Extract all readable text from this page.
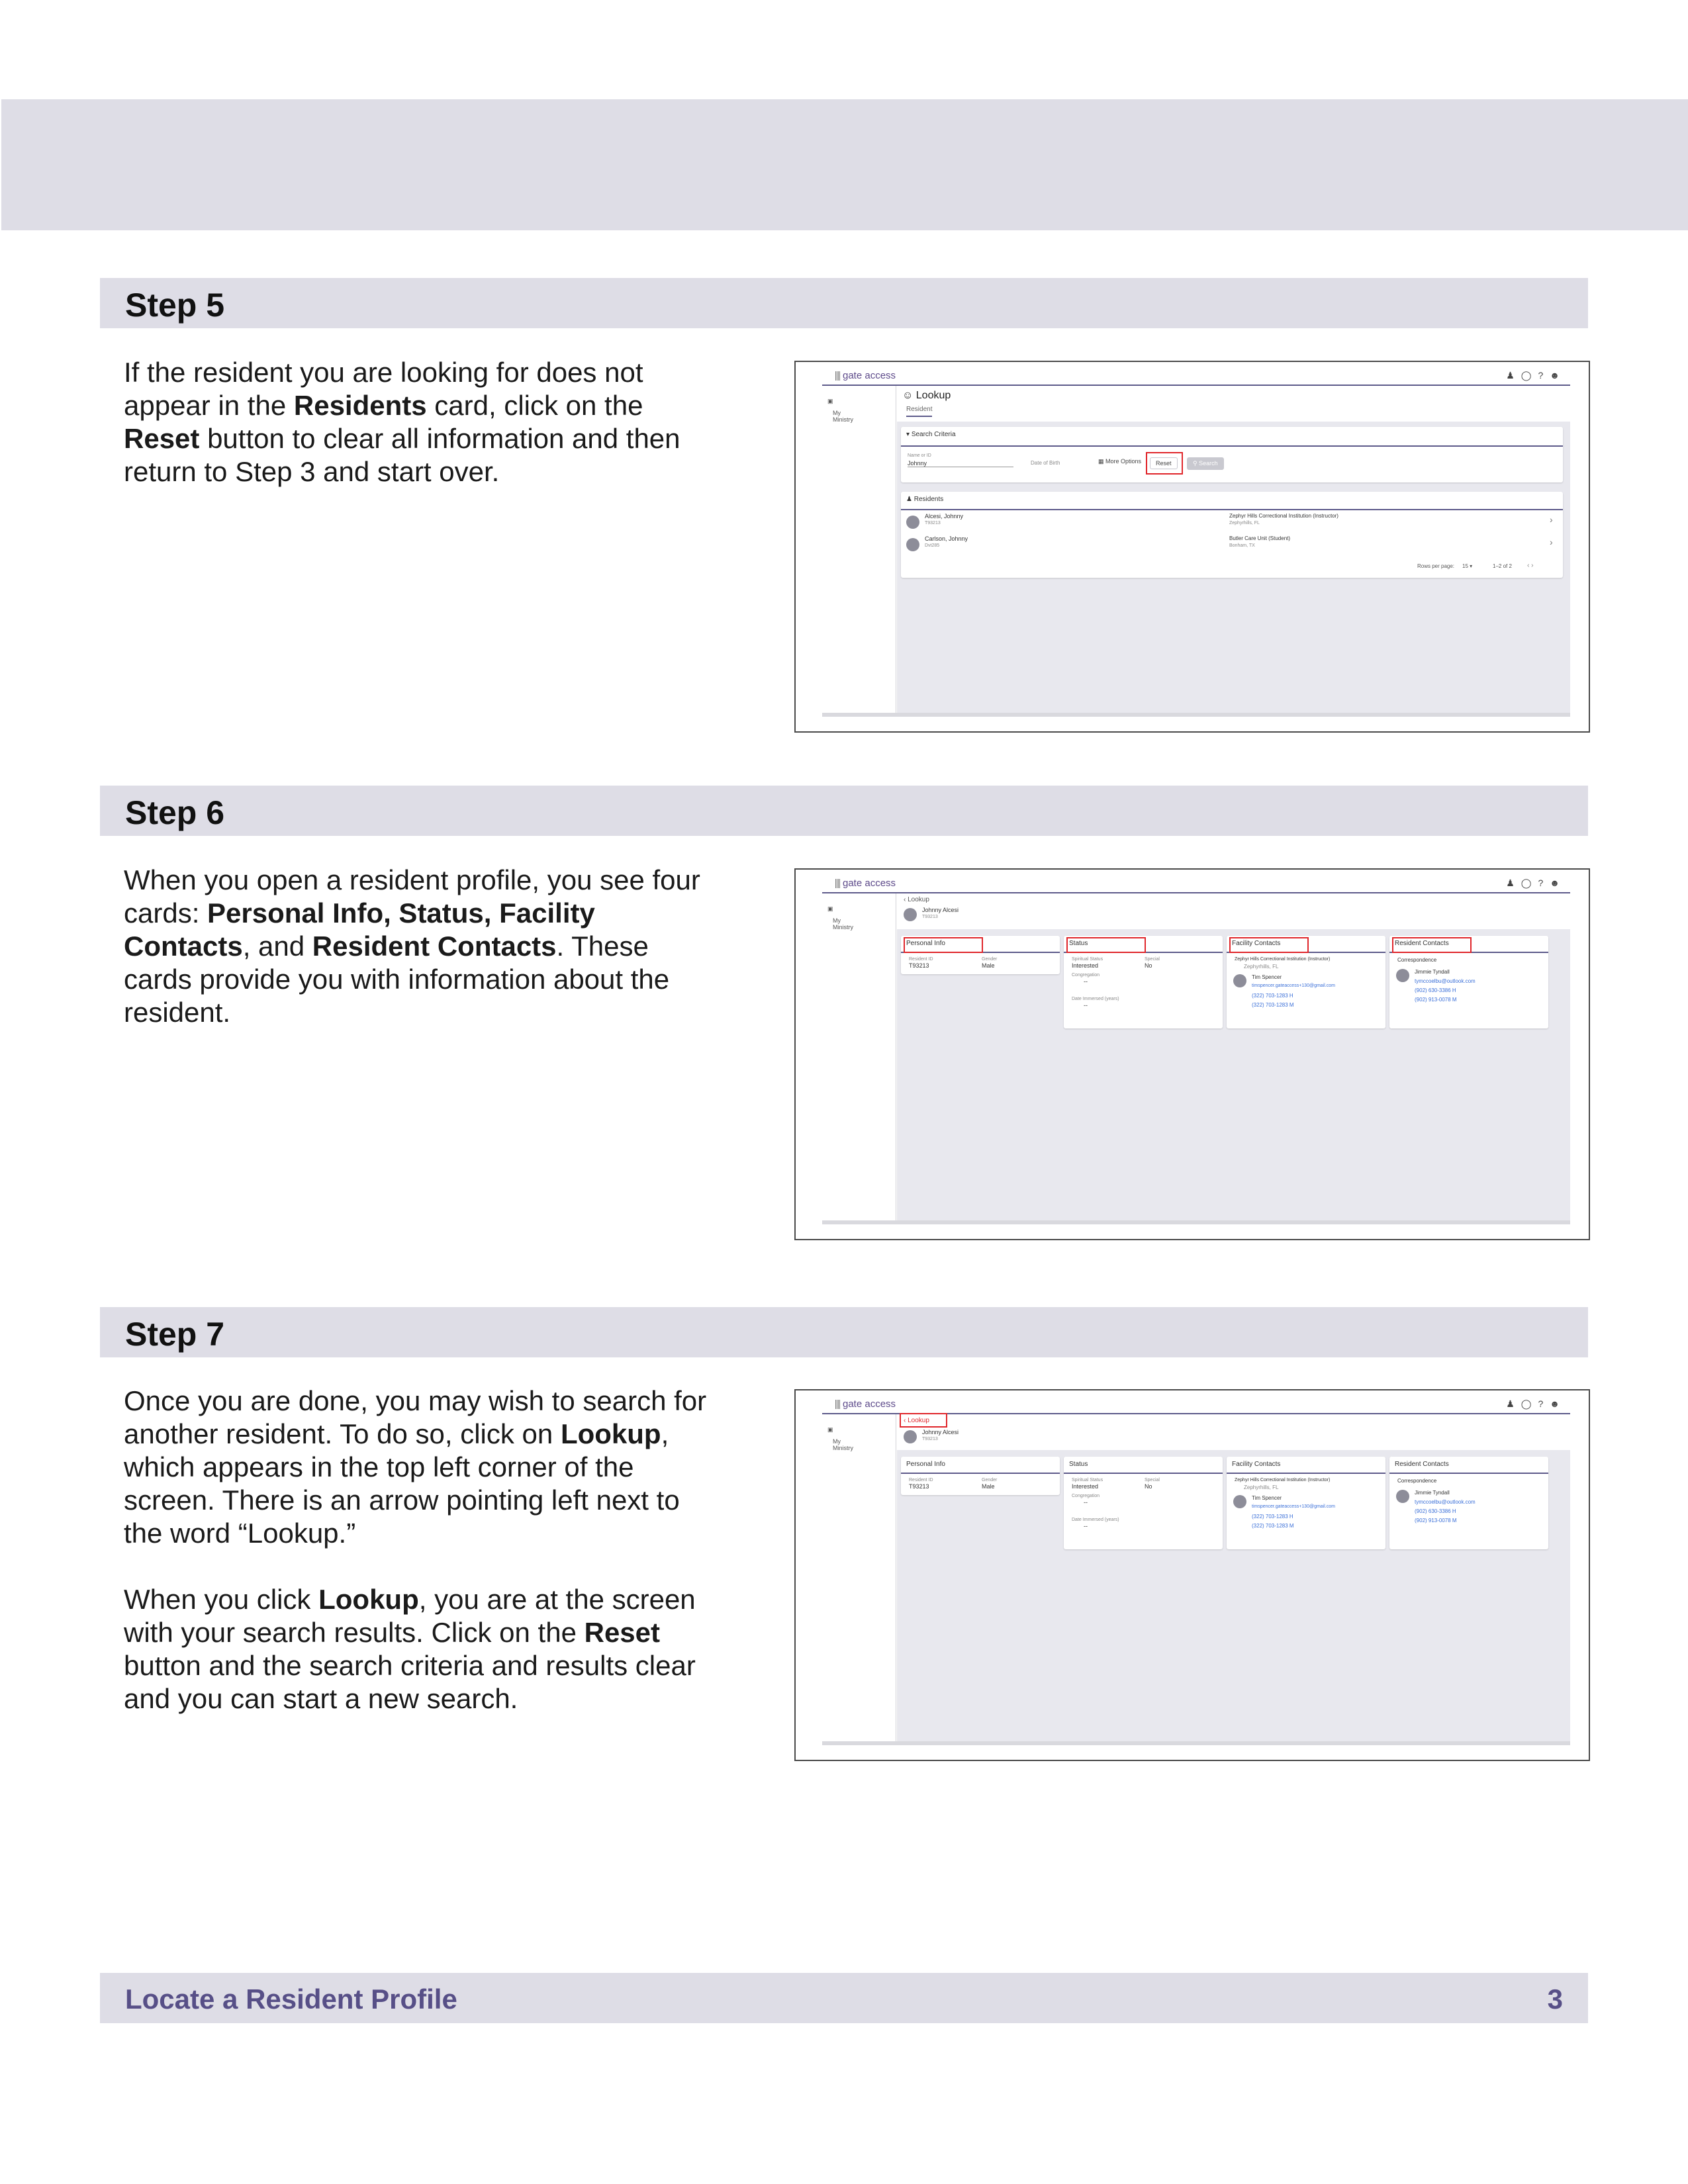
Step 5

If the resident you are looking for does not appear in the Residents card, click on the Reset button to clear all information and then return to Step 3 and start over.

gate access	♟◯?☻
▣
My Ministry
☺ Lookup
Resident
▾ Search Criteria
Name or ID
Johnny	Date of Birth	▦ More Options	Reset	⚲ Search
♟ Residents
Alcesi, Johnny
T93213
Zephyr Hills Correctional Institution (Instructor)
Zephyrhills, FL	›
Carlson, Johnny
Dvt285
Butler Care Unit (Student)
Bonham, TX	›
Rows per page: 15 ▾	1–2 of 2 ‹ ›
Step 6

When you open a resident profile, you see four cards: Personal Info, Status, Facility Contacts, and Resident Contacts. These cards provide you with information about the resident.

gate access	♟◯?☻
▣
My Ministry
‹ Lookup
Johnny Alcesi
T93213
Personal Info
Resident ID
T93213
Gender
Male
Status
Spiritual Status
Interested
Special
No
Congregation
--
Date Immersed (years)
--
Facility Contacts
Zephyr Hills Correctional Institution (Instructor)
Zephyrhills, FL
Tim Spencer
timspencer.gateaccess+130@gmail.com
(322) 703-1283 H
(322) 703-1283 M
Resident Contacts
Correspondence
Jimmie Tyndall
tymccoelbu@outlook.com
(902) 630-3386 H
(902) 913-0078 M
Step 7

Once you are done, you may wish to search for another resident. To do so, click on Lookup, which appears in the top left corner of the screen. There is an arrow pointing left next to the word “Lookup.”

When you click Lookup, you are at the screen with your search results. Click on the Reset button and the search criteria and results clear and you can start a new search.

gate access	♟◯?☻
▣
My Ministry
‹ Lookup
Johnny Alcesi
T93213
Personal Info
Resident ID
T93213
Gender
Male
Status
Spiritual Status
Interested
Special
No
Congregation
--
Date Immersed (years)
--
Facility Contacts
Zephyr Hills Correctional Institution (Instructor)
Zephyrhills, FL
Tim Spencer
timspencer.gateaccess+130@gmail.com
(322) 703-1283 H
(322) 703-1283 M
Resident Contacts
Correspondence
Jimmie Tyndall
tymccoelbu@outlook.com
(902) 630-3386 H
(902) 913-0078 M
Locate a Resident Profile	3
